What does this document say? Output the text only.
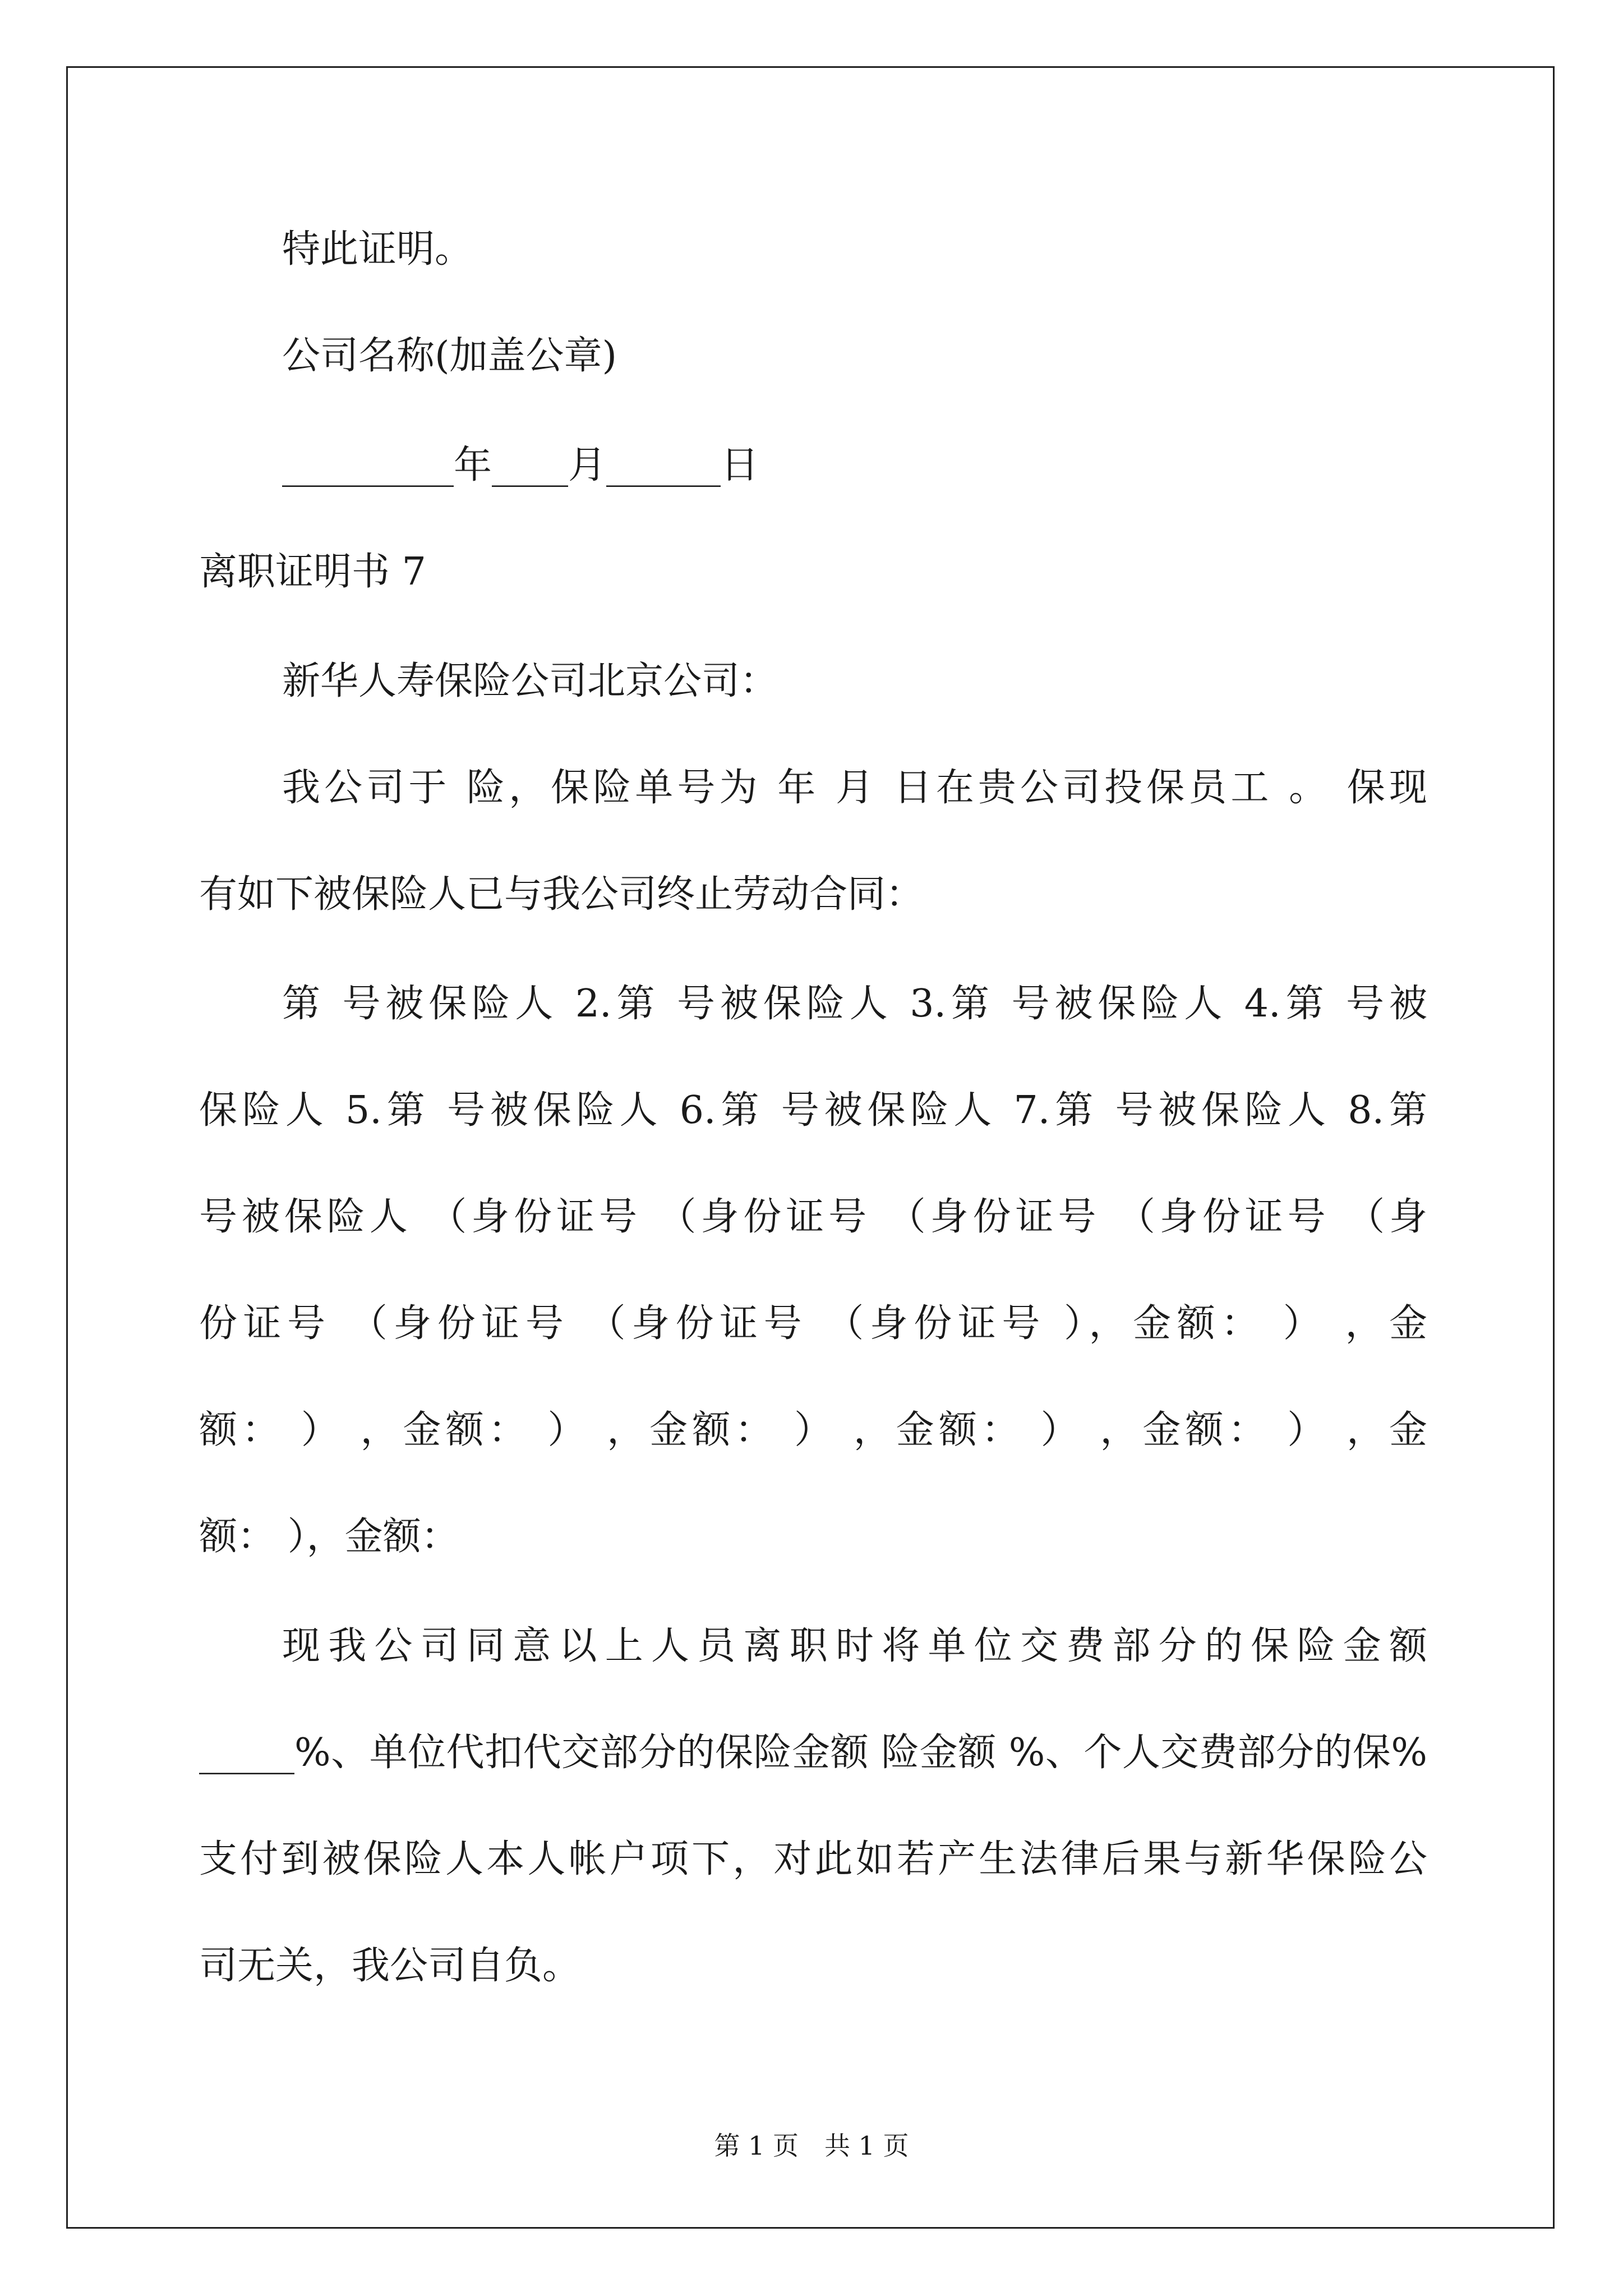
特此证明。
公司名称(加盖公章)
_________年____月______日
离职证明书 7
新华人寿保险公司北京公司：
我公司于 险，保险单号为 年 月 日在贵公司投保员工 。 保现
有如下被保险人已与我公司终止劳动合同：
第 号被保险人 2.第 号被保险人 3.第 号被保险人 4.第 号被
保险人 5.第 号被保险人 6.第 号被保险人 7.第 号被保险人 8.第
号被保险人 （身份证号 （身份证号 （身份证号 （身份证号 （身
份证号 （身份证号 （身份证号 （身份证号 ），金额： ） ，金
额： ） ，金额： ） ，金额： ） ，金额： ） ，金额： ） ，金
额： ），金额：
现我公司同意以上人员离职时将单位交费部分的保险金额
_____%、单位代扣代交部分的保险金额 险金额 %、个人交费部分的保%
支付到被保险人本人帐户项下，对此如若产生法律后果与新华保险公
司无关，我公司自负。
第 1 页　共 1 页
